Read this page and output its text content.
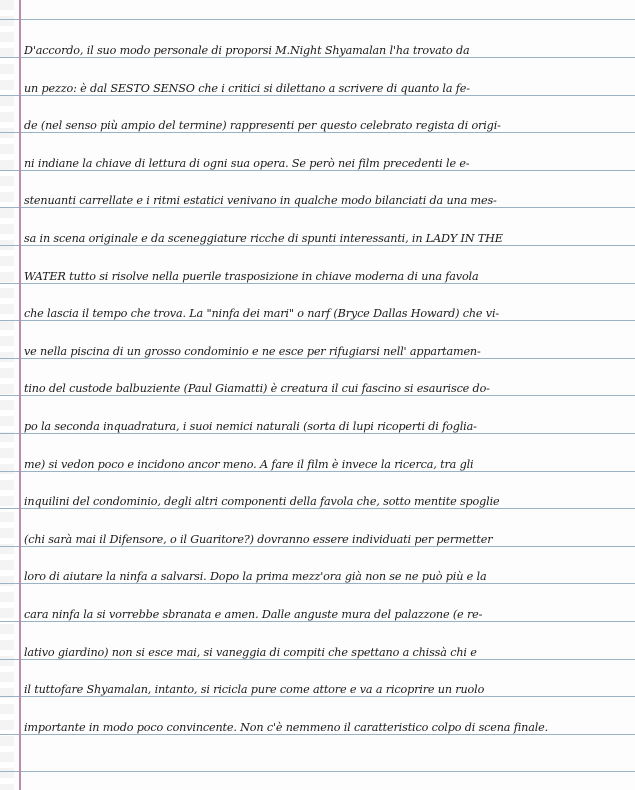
D'accordo, il suo modo personale di proporsi M.Night Shyamalan l'ha trovato da
un pezzo: è dal SESTO SENSO che i critici si dilettano a scrivere di quanto la fe-
de (nel senso più ampio del termine) rappresenti per questo celebrato regista di origi-
ni indiane la chiave di lettura di ogni sua opera. Se però nei film precedenti le e-
stenuanti carrellate e i ritmi estatici venivano in qualche modo bilanciati da una mes-
sa in scena originale e da sceneggiature ricche di spunti interessanti, in LADY IN THE
WATER tutto si risolve nella puerile trasposizione in chiave moderna di una favola
che lascia il tempo che trova. La "ninfa dei mari" o narf (Bryce Dallas Howard) che vi-
ve nella piscina di un grosso condominio e ne esce per rifugiarsi nell' appartamen-
tino del custode balbuziente (Paul Giamatti) è creatura il cui fascino si esaurisce do-
po la seconda inquadratura, i suoi nemici naturali (sorta di lupi ricoperti di foglia-
me) si vedon poco e incidono ancor meno. A fare il film è invece la ricerca, tra gli
inquilini del condominio, degli altri componenti della favola che, sotto mentite spoglie
(chi sarà mai il Difensore, o il Guaritore?) dovranno essere individuati per permetter
loro di aiutare la ninfa a salvarsi. Dopo la prima mezz'ora già non se ne può più e la
cara ninfa la si vorrebbe sbranata e amen. Dalle anguste mura del palazzone (e re-
lativo giardino) non si esce mai, si vaneggia di compiti che spettano a chissà chi e
il tuttofare Shyamalan, intanto, si ricicla pure come attore e va a ricoprire un ruolo
importante in modo poco convincente. Non c'è nemmeno il caratteristico colpo di scena finale.
